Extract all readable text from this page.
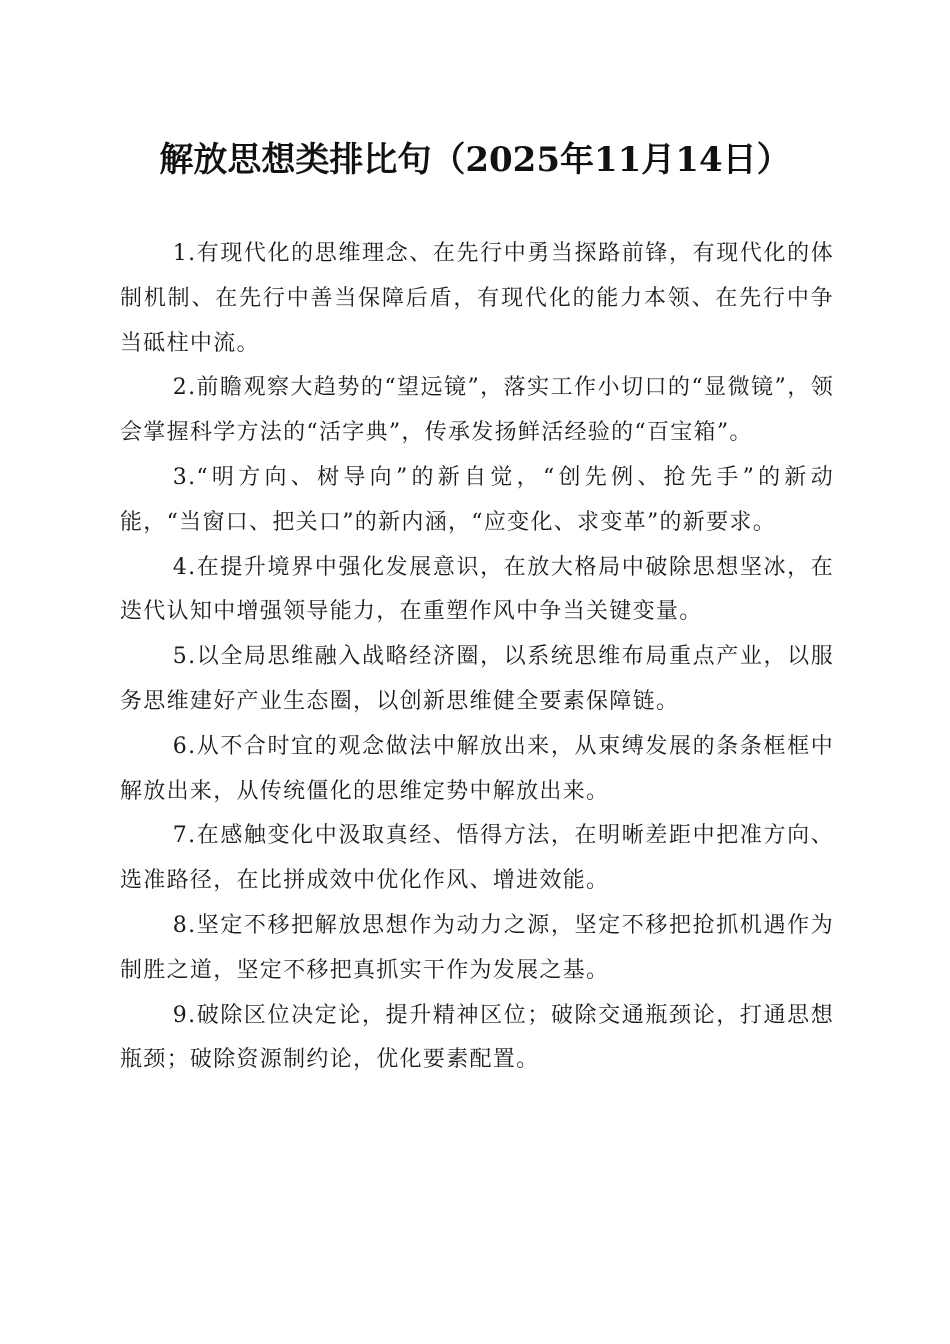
解放思想类排比句（2025年11月14日）

1.有现代化的思维理念、在先行中勇当探路前锋，有现代化的体制机制、在先行中善当保障后盾，有现代化的能力本领、在先行中争当砥柱中流。

2.前瞻观察大趋势的“望远镜”，落实工作小切口的“显微镜”，领会掌握科学方法的“活字典”，传承发扬鲜活经验的“百宝箱”。

3.“明方向、树导向”的新自觉，“创先例、抢先手”的新动能，“当窗口、把关口”的新内涵，“应变化、求变革”的新要求。

4.在提升境界中强化发展意识，在放大格局中破除思想坚冰，在迭代认知中增强领导能力，在重塑作风中争当关键变量。

5.以全局思维融入战略经济圈，以系统思维布局重点产业，以服务思维建好产业生态圈，以创新思维健全要素保障链。

6.从不合时宜的观念做法中解放出来，从束缚发展的条条框框中解放出来，从传统僵化的思维定势中解放出来。

7.在感触变化中汲取真经、悟得方法，在明晰差距中把准方向、选准路径，在比拼成效中优化作风、增进效能。

8.坚定不移把解放思想作为动力之源，坚定不移把抢抓机遇作为制胜之道，坚定不移把真抓实干作为发展之基。

9.破除区位决定论，提升精神区位；破除交通瓶颈论，打通思想瓶颈；破除资源制约论，优化要素配置。
